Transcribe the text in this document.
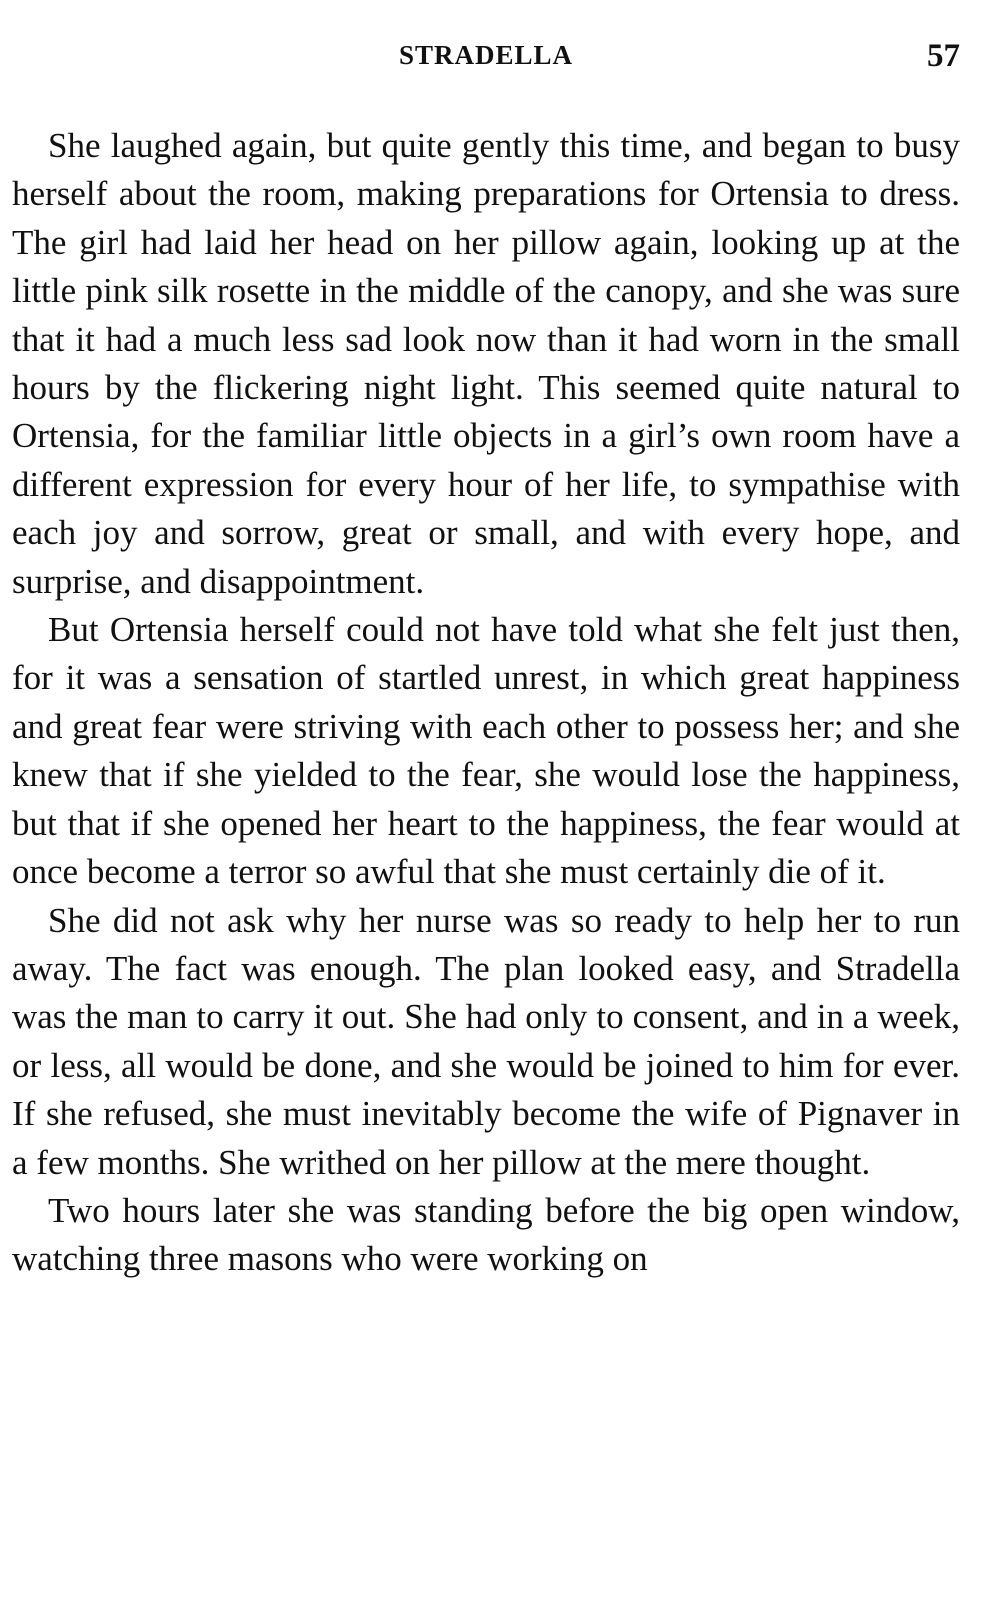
STRADELLA	57

She laughed again, but quite gently this time, and began to busy herself about the room, making preparations for Ortensia to dress. The girl had laid her head on her pillow again, looking up at the little pink silk rosette in the middle of the canopy, and she was sure that it had a much less sad look now than it had worn in the small hours by the flickering night light. This seemed quite natural to Ortensia, for the familiar little objects in a girl’s own room have a different expression for every hour of her life, to sympathise with each joy and sorrow, great or small, and with every hope, and surprise, and disappointment.

But Ortensia herself could not have told what she felt just then, for it was a sensation of startled unrest, in which great happiness and great fear were striving with each other to possess her; and she knew that if she yielded to the fear, she would lose the happiness, but that if she opened her heart to the happiness, the fear would at once become a terror so awful that she must certainly die of it.

She did not ask why her nurse was so ready to help her to run away. The fact was enough. The plan looked easy, and Stradella was the man to carry it out. She had only to consent, and in a week, or less, all would be done, and she would be joined to him for ever. If she refused, she must inevitably become the wife of Pignaver in a few months. She writhed on her pillow at the mere thought.

Two hours later she was standing before the big open window, watching three masons who were working on
